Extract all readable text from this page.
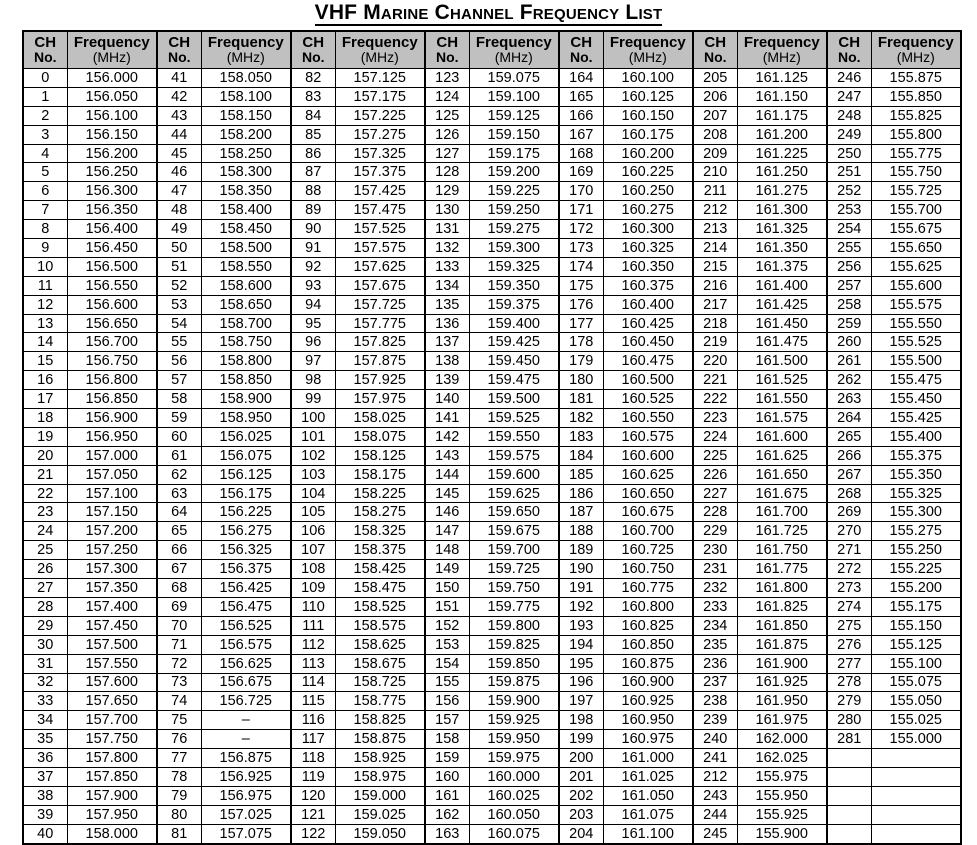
VHF Marine Channel Frequency List
CH
No.	Frequency
(MHz)	CH
No.	Frequency
(MHz)	CH
No.	Frequency
(MHz)	CH
No.	Frequency
(MHz)	CH
No.	Frequency
(MHz)	CH
No.	Frequency
(MHz)	CH
No.	Frequency
(MHz)

0	156.000	41	158.050	82	157.125	123	159.075	164	160.100	205	161.125	246	155.875
1	156.050	42	158.100	83	157.175	124	159.100	165	160.125	206	161.150	247	155.850
2	156.100	43	158.150	84	157.225	125	159.125	166	160.150	207	161.175	248	155.825
3	156.150	44	158.200	85	157.275	126	159.150	167	160.175	208	161.200	249	155.800
4	156.200	45	158.250	86	157.325	127	159.175	168	160.200	209	161.225	250	155.775
5	156.250	46	158.300	87	157.375	128	159.200	169	160.225	210	161.250	251	155.750
6	156.300	47	158.350	88	157.425	129	159.225	170	160.250	211	161.275	252	155.725
7	156.350	48	158.400	89	157.475	130	159.250	171	160.275	212	161.300	253	155.700
8	156.400	49	158.450	90	157.525	131	159.275	172	160.300	213	161.325	254	155.675
9	156.450	50	158.500	91	157.575	132	159.300	173	160.325	214	161.350	255	155.650
10	156.500	51	158.550	92	157.625	133	159.325	174	160.350	215	161.375	256	155.625
11	156.550	52	158.600	93	157.675	134	159.350	175	160.375	216	161.400	257	155.600
12	156.600	53	158.650	94	157.725	135	159.375	176	160.400	217	161.425	258	155.575
13	156.650	54	158.700	95	157.775	136	159.400	177	160.425	218	161.450	259	155.550
14	156.700	55	158.750	96	157.825	137	159.425	178	160.450	219	161.475	260	155.525
15	156.750	56	158.800	97	157.875	138	159.450	179	160.475	220	161.500	261	155.500
16	156.800	57	158.850	98	157.925	139	159.475	180	160.500	221	161.525	262	155.475
17	156.850	58	158.900	99	157.975	140	159.500	181	160.525	222	161.550	263	155.450
18	156.900	59	158.950	100	158.025	141	159.525	182	160.550	223	161.575	264	155.425
19	156.950	60	156.025	101	158.075	142	159.550	183	160.575	224	161.600	265	155.400
20	157.000	61	156.075	102	158.125	143	159.575	184	160.600	225	161.625	266	155.375
21	157.050	62	156.125	103	158.175	144	159.600	185	160.625	226	161.650	267	155.350
22	157.100	63	156.175	104	158.225	145	159.625	186	160.650	227	161.675	268	155.325
23	157.150	64	156.225	105	158.275	146	159.650	187	160.675	228	161.700	269	155.300
24	157.200	65	156.275	106	158.325	147	159.675	188	160.700	229	161.725	270	155.275
25	157.250	66	156.325	107	158.375	148	159.700	189	160.725	230	161.750	271	155.250
26	157.300	67	156.375	108	158.425	149	159.725	190	160.750	231	161.775	272	155.225
27	157.350	68	156.425	109	158.475	150	159.750	191	160.775	232	161.800	273	155.200
28	157.400	69	156.475	110	158.525	151	159.775	192	160.800	233	161.825	274	155.175
29	157.450	70	156.525	111	158.575	152	159.800	193	160.825	234	161.850	275	155.150
30	157.500	71	156.575	112	158.625	153	159.825	194	160.850	235	161.875	276	155.125
31	157.550	72	156.625	113	158.675	154	159.850	195	160.875	236	161.900	277	155.100
32	157.600	73	156.675	114	158.725	155	159.875	196	160.900	237	161.925	278	155.075
33	157.650	74	156.725	115	158.775	156	159.900	197	160.925	238	161.950	279	155.050
34	157.700	75	–	116	158.825	157	159.925	198	160.950	239	161.975	280	155.025
35	157.750	76	–	117	158.875	158	159.950	199	160.975	240	162.000	281	155.000
36	157.800	77	156.875	118	158.925	159	159.975	200	161.000	241	162.025		
37	157.850	78	156.925	119	158.975	160	160.000	201	161.025	212	155.975		
38	157.900	79	156.975	120	159.000	161	160.025	202	161.050	243	155.950		
39	157.950	80	157.025	121	159.025	162	160.050	203	161.075	244	155.925		
40	158.000	81	157.075	122	159.050	163	160.075	204	161.100	245	155.900		
